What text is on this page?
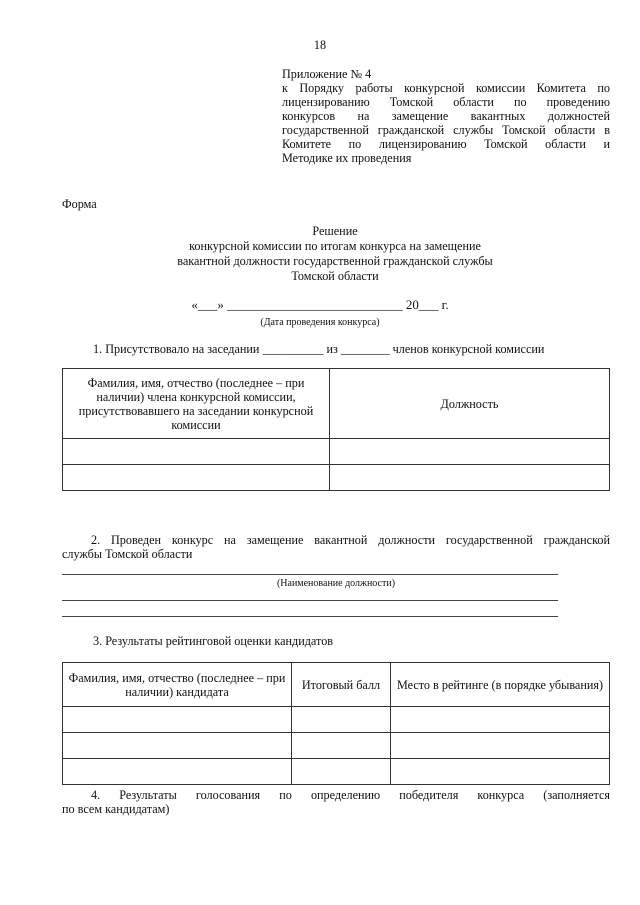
18

Приложение № 4

к Порядку работы конкурсной комиссии Комитета по

лицензированию Томской области по проведению

конкурсов на замещение вакантных должностей

государственной гражданской службы Томской области в

Комитете по лицензированию Томской области и

Методике их проведения

Форма
Решение
конкурсной комиссии по итогам конкурса на замещение
вакантной должности государственной гражданской службы
Томской области
«___» ___________________________ 20___ г.
(Дата проведения конкурса)
1. Присутствовало на заседании __________ из ________ членов конкурсной комиссии
Фамилия, имя, отчество (последнее – при наличии) члена конкурсной комиссии, присутствовавшего на заседании конкурсной комиссии	Должность

2. Проведен конкурс на замещение вакантной должности государственной гражданской

службы Томской области

(Наименование должности)
3. Результаты рейтинговой оценки кандидатов
Фамилия, имя, отчество (последнее – при наличии) кандидата	Итоговый балл	Место в рейтинге (в порядке убывания)

4. Результаты голосования по определению победителя конкурса (заполняется

по всем кандидатам)
